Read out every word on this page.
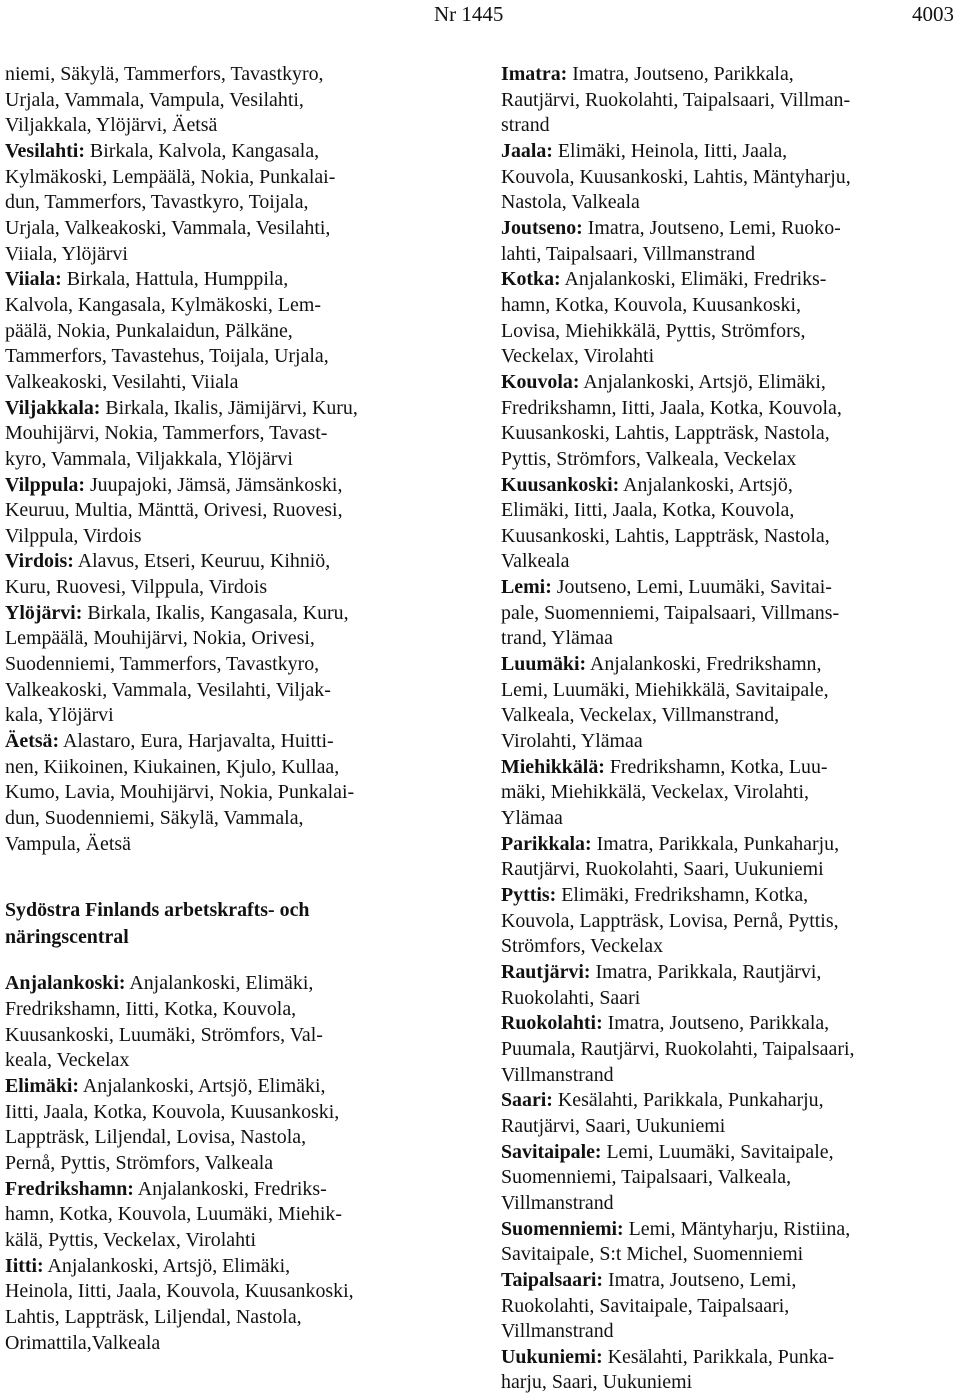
Nr 1445	4003
niemi, Säkylä, Tammerfors, Tavastkyro,
Urjala, Vammala, Vampula, Vesilahti,
Viljakkala, Ylöjärvi, Äetsä
Vesilahti: Birkala, Kalvola, Kangasala,
Kylmäkoski, Lempäälä, Nokia, Punkalai-
dun, Tammerfors, Tavastkyro, Toijala,
Urjala, Valkeakoski, Vammala, Vesilahti,
Viiala, Ylöjärvi
Viiala: Birkala, Hattula, Humppila,
Kalvola, Kangasala, Kylmäkoski, Lem-
päälä, Nokia, Punkalaidun, Pälkäne,
Tammerfors, Tavastehus, Toijala, Urjala,
Valkeakoski, Vesilahti, Viiala
Viljakkala: Birkala, Ikalis, Jämijärvi, Kuru,
Mouhijärvi, Nokia, Tammerfors, Tavast-
kyro, Vammala, Viljakkala, Ylöjärvi
Vilppula: Juupajoki, Jämsä, Jämsänkoski,
Keuruu, Multia, Mänttä, Orivesi, Ruovesi,
Vilppula, Virdois
Virdois: Alavus, Etseri, Keuruu, Kihniö,
Kuru, Ruovesi, Vilppula, Virdois
Ylöjärvi: Birkala, Ikalis, Kangasala, Kuru,
Lempäälä, Mouhijärvi, Nokia, Orivesi,
Suodenniemi, Tammerfors, Tavastkyro,
Valkeakoski, Vammala, Vesilahti, Viljak-
kala, Ylöjärvi
Äetsä: Alastaro, Eura, Harjavalta, Huitti-
nen, Kiikoinen, Kiukainen, Kjulo, Kullaa,
Kumo, Lavia, Mouhijärvi, Nokia, Punkalai-
dun, Suodenniemi, Säkylä, Vammala,
Vampula, Äetsä
Sydöstra Finlands arbetskrafts- och
näringscentral
Anjalankoski: Anjalankoski, Elimäki,
Fredrikshamn, Iitti, Kotka, Kouvola,
Kuusankoski, Luumäki, Strömfors, Val-
keala, Veckelax
Elimäki: Anjalankoski, Artsjö, Elimäki,
Iitti, Jaala, Kotka, Kouvola, Kuusankoski,
Lappträsk, Liljendal, Lovisa, Nastola,
Pernå, Pyttis, Strömfors, Valkeala
Fredrikshamn: Anjalankoski, Fredriks-
hamn, Kotka, Kouvola, Luumäki, Miehik-
kälä, Pyttis, Veckelax, Virolahti
Iitti: Anjalankoski, Artsjö, Elimäki,
Heinola, Iitti, Jaala, Kouvola, Kuusankoski,
Lahtis, Lappträsk, Liljendal, Nastola,
Orimattila,Valkeala
Imatra: Imatra, Joutseno, Parikkala,
Rautjärvi, Ruokolahti, Taipalsaari, Villman-
strand
Jaala: Elimäki, Heinola, Iitti, Jaala,
Kouvola, Kuusankoski, Lahtis, Mäntyharju,
Nastola, Valkeala
Joutseno: Imatra, Joutseno, Lemi, Ruoko-
lahti, Taipalsaari, Villmanstrand
Kotka: Anjalankoski, Elimäki, Fredriks-
hamn, Kotka, Kouvola, Kuusankoski,
Lovisa, Miehikkälä, Pyttis, Strömfors,
Veckelax, Virolahti
Kouvola: Anjalankoski, Artsjö, Elimäki,
Fredrikshamn, Iitti, Jaala, Kotka, Kouvola,
Kuusankoski, Lahtis, Lappträsk, Nastola,
Pyttis, Strömfors, Valkeala, Veckelax
Kuusankoski: Anjalankoski, Artsjö,
Elimäki, Iitti, Jaala, Kotka, Kouvola,
Kuusankoski, Lahtis, Lappträsk, Nastola,
Valkeala
Lemi: Joutseno, Lemi, Luumäki, Savitai-
pale, Suomenniemi, Taipalsaari, Villmans-
trand, Ylämaa
Luumäki: Anjalankoski, Fredrikshamn,
Lemi, Luumäki, Miehikkälä, Savitaipale,
Valkeala, Veckelax, Villmanstrand,
Virolahti, Ylämaa
Miehikkälä: Fredrikshamn, Kotka, Luu-
mäki, Miehikkälä, Veckelax, Virolahti,
Ylämaa
Parikkala: Imatra, Parikkala, Punkaharju,
Rautjärvi, Ruokolahti, Saari, Uukuniemi
Pyttis: Elimäki, Fredrikshamn, Kotka,
Kouvola, Lappträsk, Lovisa, Pernå, Pyttis,
Strömfors, Veckelax
Rautjärvi: Imatra, Parikkala, Rautjärvi,
Ruokolahti, Saari
Ruokolahti: Imatra, Joutseno, Parikkala,
Puumala, Rautjärvi, Ruokolahti, Taipalsaari,
Villmanstrand
Saari: Kesälahti, Parikkala, Punkaharju,
Rautjärvi, Saari, Uukuniemi
Savitaipale: Lemi, Luumäki, Savitaipale,
Suomenniemi, Taipalsaari, Valkeala,
Villmanstrand
Suomenniemi: Lemi, Mäntyharju, Ristiina,
Savitaipale, S:t Michel, Suomenniemi
Taipalsaari: Imatra, Joutseno, Lemi,
Ruokolahti, Savitaipale, Taipalsaari,
Villmanstrand
Uukuniemi: Kesälahti, Parikkala, Punka-
harju, Saari, Uukuniemi
